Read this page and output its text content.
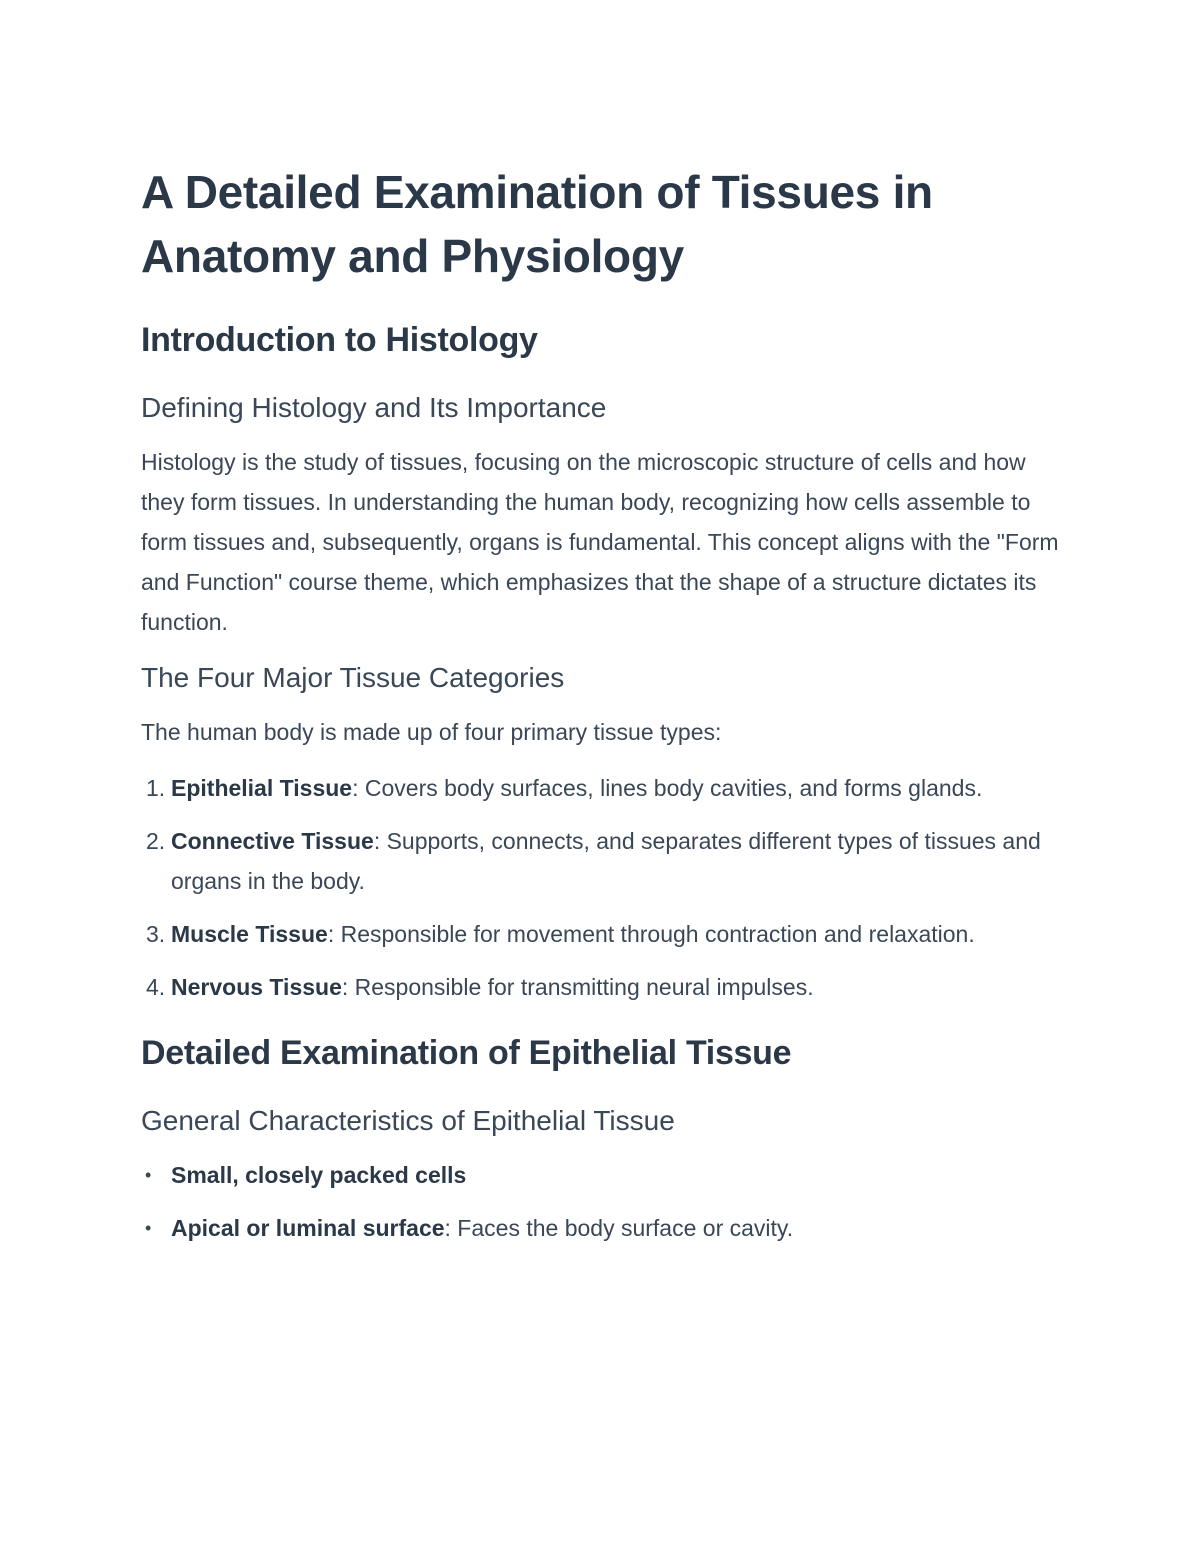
A Detailed Examination of Tissues in Anatomy and Physiology
Introduction to Histology
Defining Histology and Its Importance

Histology is the study of tissues, focusing on the microscopic structure of cells and how they form tissues. In understanding the human body, recognizing how cells assemble to form tissues and, subsequently, organs is fundamental. This concept aligns with the "Form and Function" course theme, which emphasizes that the shape of a structure dictates its function.

The Four Major Tissue Categories

The human body is made up of four primary tissue types:

1. Epithelial Tissue: Covers body surfaces, lines body cavities, and forms glands.
2. Connective Tissue: Supports, connects, and separates different types of tissues and organs in the body.
3. Muscle Tissue: Responsible for movement through contraction and relaxation.
4. Nervous Tissue: Responsible for transmitting neural impulses.
Detailed Examination of Epithelial Tissue
General Characteristics of Epithelial Tissue
• Small, closely packed cells
• Apical or luminal surface: Faces the body surface or cavity.
